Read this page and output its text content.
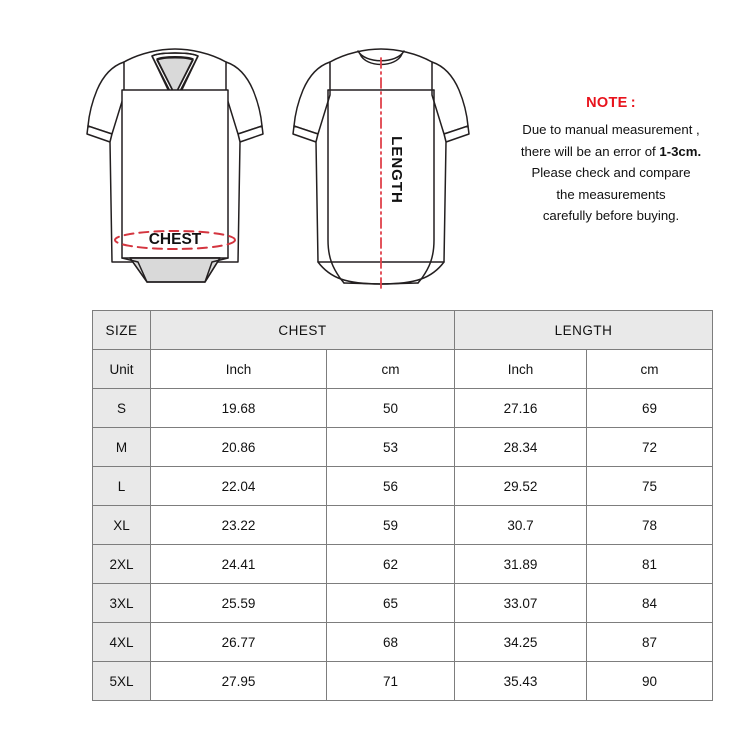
CHEST
LENGTH
NOTE :
Due to manual measurement ,
there will be an error of 1-3cm.
Please check and compare
the measurements
carefully before buying.
SIZE	CHEST		LENGTH	
Unit	Inch	cm	Inch	cm
S	19.68	50	27.16	69
M	20.86	53	28.34	72
L	22.04	56	29.52	75
XL	23.22	59	30.7	78
2XL	24.41	62	31.89	81
3XL	25.59	65	33.07	84
4XL	26.77	68	34.25	87
5XL	27.95	71	35.43	90
